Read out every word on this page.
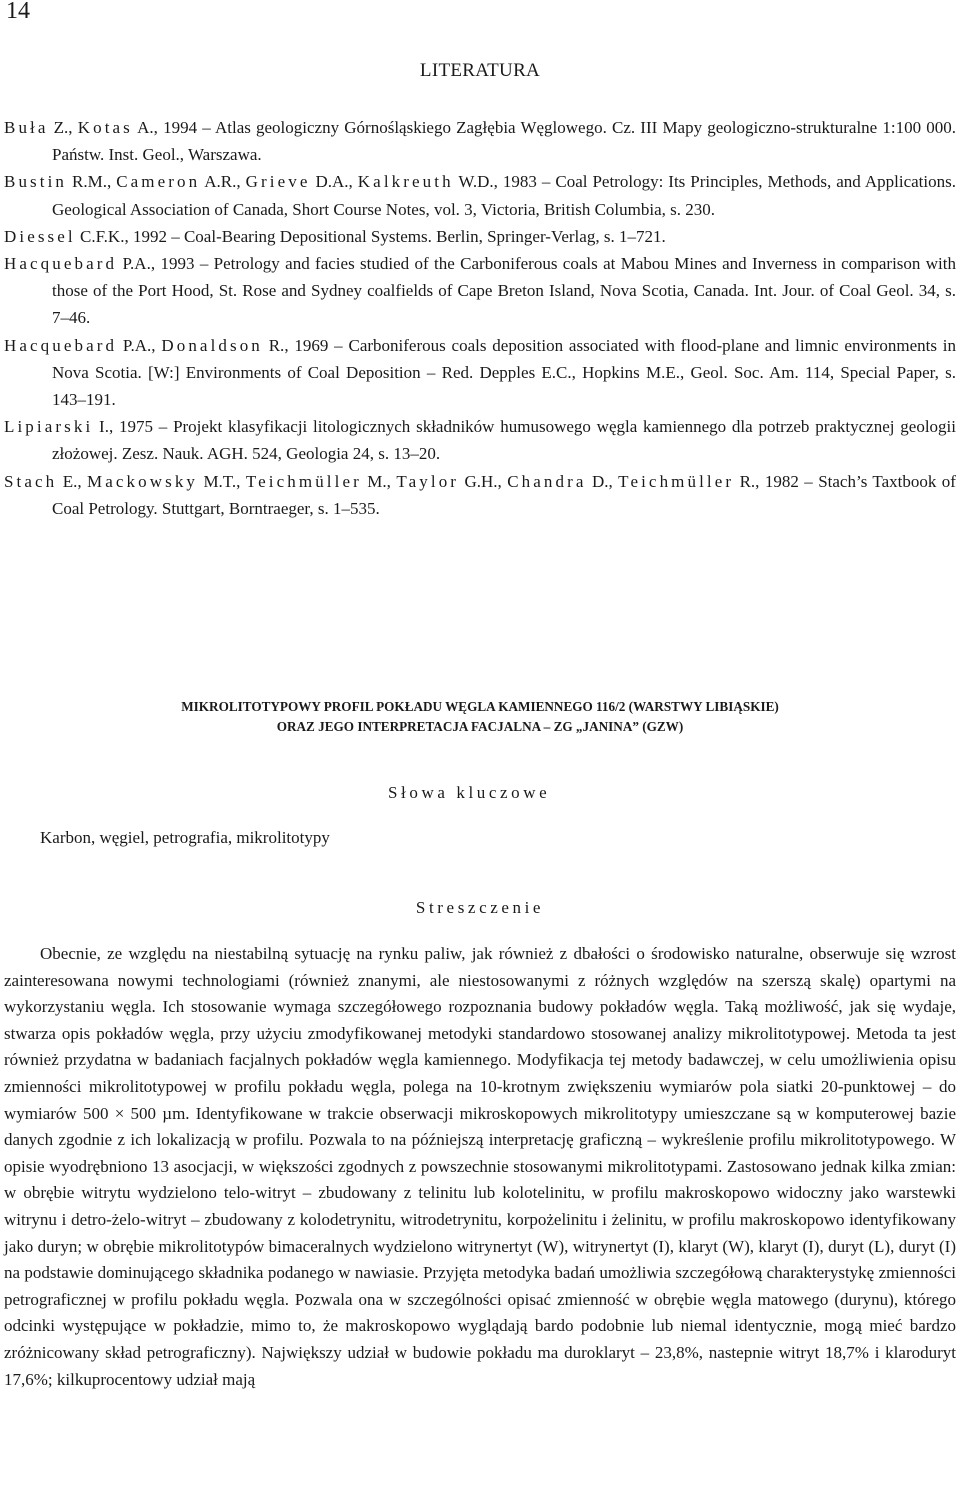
14
LITERATURA

Buła Z., Kotas A., 1994 – Atlas geologiczny Górnośląskiego Zagłębia Węglowego. Cz. III Mapy geologiczno-strukturalne 1:100 000. Państw. Inst. Geol., Warszawa.

Bustin R.M., Cameron A.R., Grieve D.A., Kalkreuth W.D., 1983 – Coal Petrology: Its Principles, Methods, and Applications. Geological Association of Canada, Short Course Notes, vol. 3, Victoria, British Columbia, s. 230.

Diessel C.F.K., 1992 – Coal-Bearing Depositional Systems. Berlin, Springer-Verlag, s. 1–721.

Hacquebard P.A., 1993 – Petrology and facies studied of the Carboniferous coals at Mabou Mines and Inverness in comparison with those of the Port Hood, St. Rose and Sydney coalfields of Cape Breton Island, Nova Scotia, Canada. Int. Jour. of Coal Geol. 34, s. 7–46.

Hacquebard P.A., Donaldson R., 1969 – Carboniferous coals deposition associated with flood-plane and limnic environments in Nova Scotia. [W:] Environments of Coal Deposition – Red. Depples E.C., Hopkins M.E., Geol. Soc. Am. 114, Special Paper, s. 143–191.

Lipiarski I., 1975 – Projekt klasyfikacji litologicznych składników humusowego węgla kamiennego dla potrzeb praktycznej geologii złożowej. Zesz. Nauk. AGH. 524, Geologia 24, s. 13–20.

Stach E., Mackowsky M.T., Teichmüller M., Taylor G.H., Chandra D., Teichmüller R., 1982 – Stach’s Taxtbook of Coal Petrology. Stuttgart, Borntraeger, s. 1–535.

MIKROLITOTYPOWY PROFIL POKŁADU WĘGLA KAMIENNEGO 116/2 (WARSTWY LIBIĄSKIE)
ORAZ JEGO INTERPRETACJA FACJALNA – ZG „JANINA” (GZW)
Słowa kluczowe
Karbon, węgiel, petrografia, mikrolitotypy
Streszczenie

Obecnie, ze względu na niestabilną sytuację na rynku paliw, jak również z dbałości o środowisko naturalne, obserwuje się wzrost zainteresowana nowymi technologiami (również znanymi, ale niestosowanymi z różnych względów na szerszą skalę) opartymi na wykorzystaniu węgla. Ich stosowanie wymaga szczegółowego rozpoznania budowy pokładów węgla. Taką możliwość, jak się wydaje, stwarza opis pokładów węgla, przy użyciu zmodyfikowanej metodyki standardowo stosowanej analizy mikrolitotypowej. Metoda ta jest również przydatna w badaniach facjalnych pokładów węgla kamiennego. Modyfikacja tej metody badawczej, w celu umożliwienia opisu zmienności mikrolitotypowej w profilu pokładu węgla, polega na 10-krotnym zwiększeniu wymiarów pola siatki 20-punktowej – do wymiarów 500 × 500 µm. Identyfikowane w trakcie obserwacji mikroskopowych mikrolitotypy umieszczane są w komputerowej bazie danych zgodnie z ich lokalizacją w profilu. Pozwala to na późniejszą interpretację graficzną – wykreślenie profilu mikrolitotypowego. W opisie wyodrębniono 13 asocjacji, w większości zgodnych z powszechnie stosowanymi mikrolitotypami. Zastosowano jednak kilka zmian: w obrębie witrytu wydzielono telo-witryt – zbudowany z telinitu lub kolotelinitu, w profilu makroskopowo widoczny jako warstewki witrynu i detro-żelo-witryt – zbudowany z kolodetrynitu, witrodetrynitu, korpożelinitu i żelinitu, w profilu makroskopowo identyfikowany jako duryn; w obrębie mikrolitotypów bimaceralnych wydzielono witrynertyt (W), witrynertyt (I), klaryt (W), klaryt (I), duryt (L), duryt (I) na podstawie dominującego składnika podanego w nawiasie. Przyjęta metodyka badań umożliwia szczegółową charakterystykę zmienności petrograficznej w profilu pokładu węgla. Pozwala ona w szczególności opisać zmienność w obrębie węgla matowego (durynu), którego odcinki występujące w pokładzie, mimo to, że makroskopowo wyglądają bardo podobnie lub niemal identycznie, mogą mieć bardzo zróżnicowany skład petrograficzny). Największy udział w budowie pokładu ma duroklaryt – 23,8%, nastepnie witryt 18,7% i klaroduryt 17,6%; kilkuprocentowy udział mają
